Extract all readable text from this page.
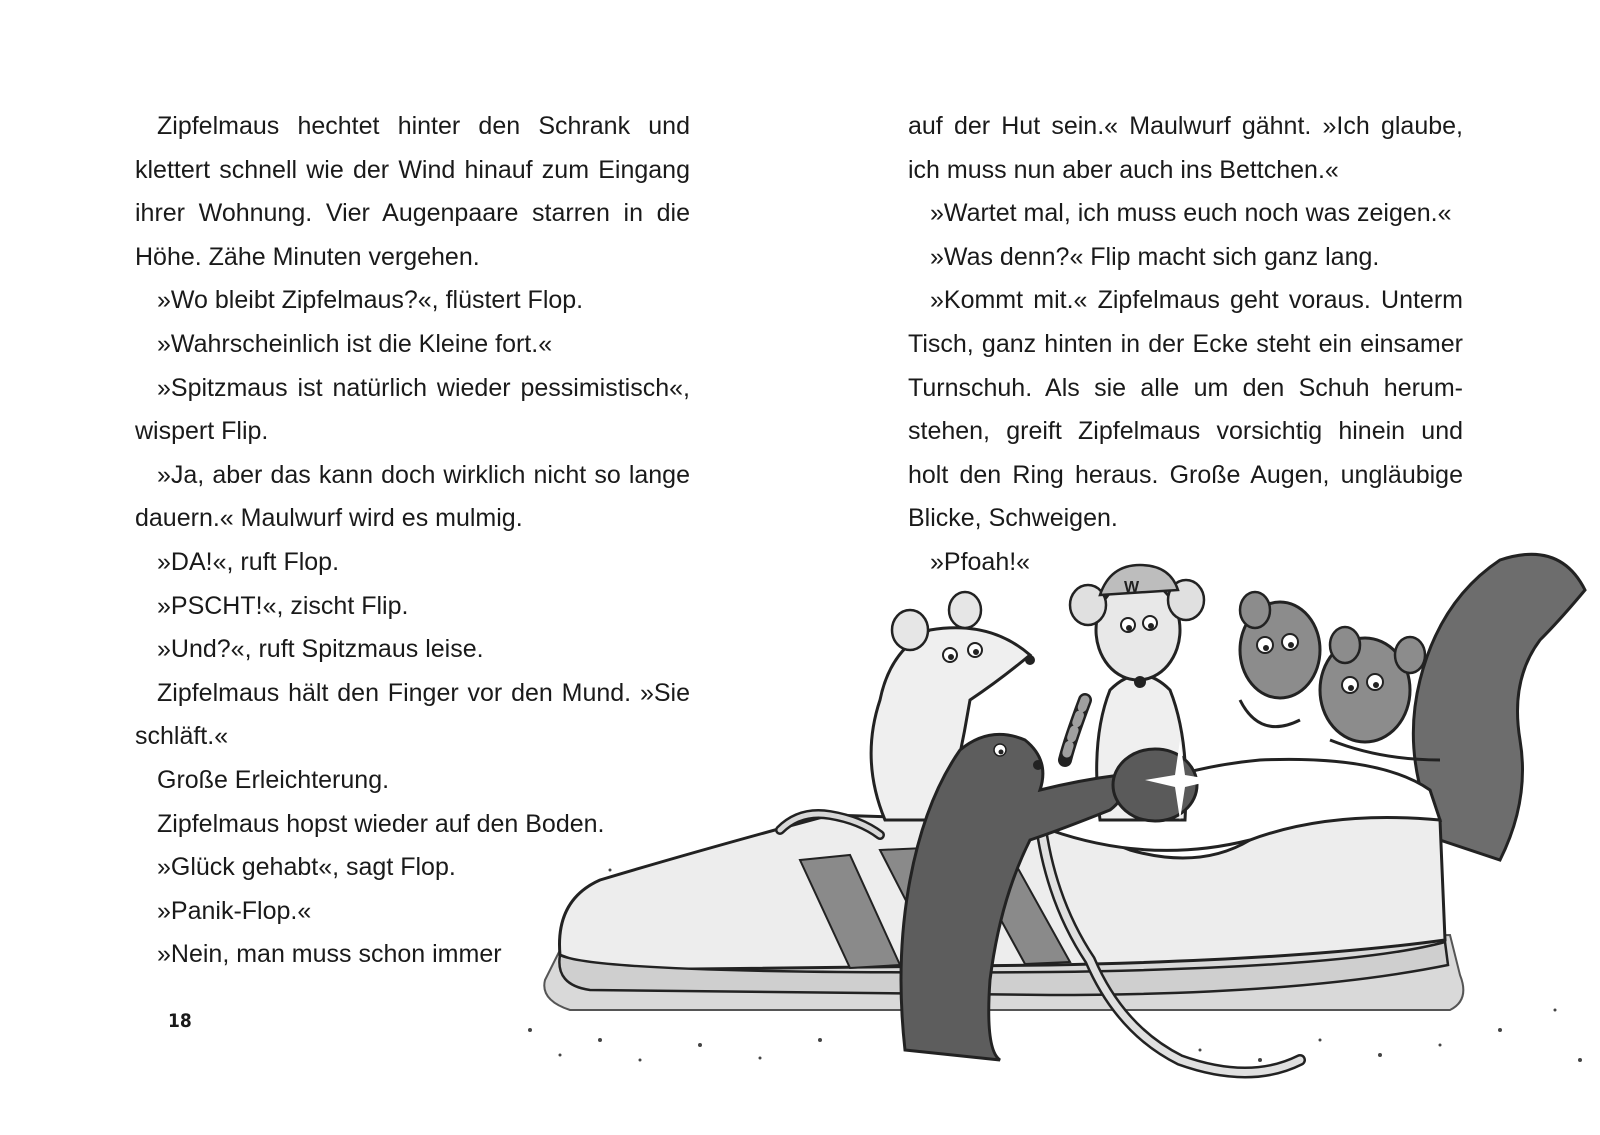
Zipfelmaus hechtet hinter den Schrank und
klettert schnell wie der Wind hinauf zum Eingang
ihrer Wohnung. Vier Augenpaare starren in die
Höhe. Zähe Minuten vergehen.
»Wo bleibt Zipfelmaus?«, flüstert Flop.
»Wahrscheinlich ist die Kleine fort.«
»Spitzmaus ist natürlich wieder pessimistisch«,
wispert Flip.
»Ja, aber das kann doch wirklich nicht so lange
dauern.« Maulwurf wird es mulmig.
»DA!«, ruft Flop.
»PSCHT!«, zischt Flip.
»Und?«, ruft Spitzmaus leise.
Zipfelmaus hält den Finger vor den Mund. »Sie
schläft.«
Große Erleichterung.
Zipfelmaus hopst wieder auf den Boden.
»Glück gehabt«, sagt Flop.
»Panik-Flop.«
»Nein, man muss schon immer
18
auf der Hut sein.« Maulwurf gähnt. »Ich glaube,
ich muss nun aber auch ins Bettchen.«
»Wartet mal, ich muss euch noch was zeigen.«
»Was denn?« Flip macht sich ganz lang.
»Kommt mit.« Zipfelmaus geht voraus. Unterm
Tisch, ganz hinten in der Ecke steht ein einsamer
Turnschuh. Als sie alle um den Schuh herum-
stehen, greift Zipfelmaus vorsichtig hinein und
holt den Ring heraus. Große Augen, ungläubige
Blicke, Schweigen.
»Pfoah!«
W
